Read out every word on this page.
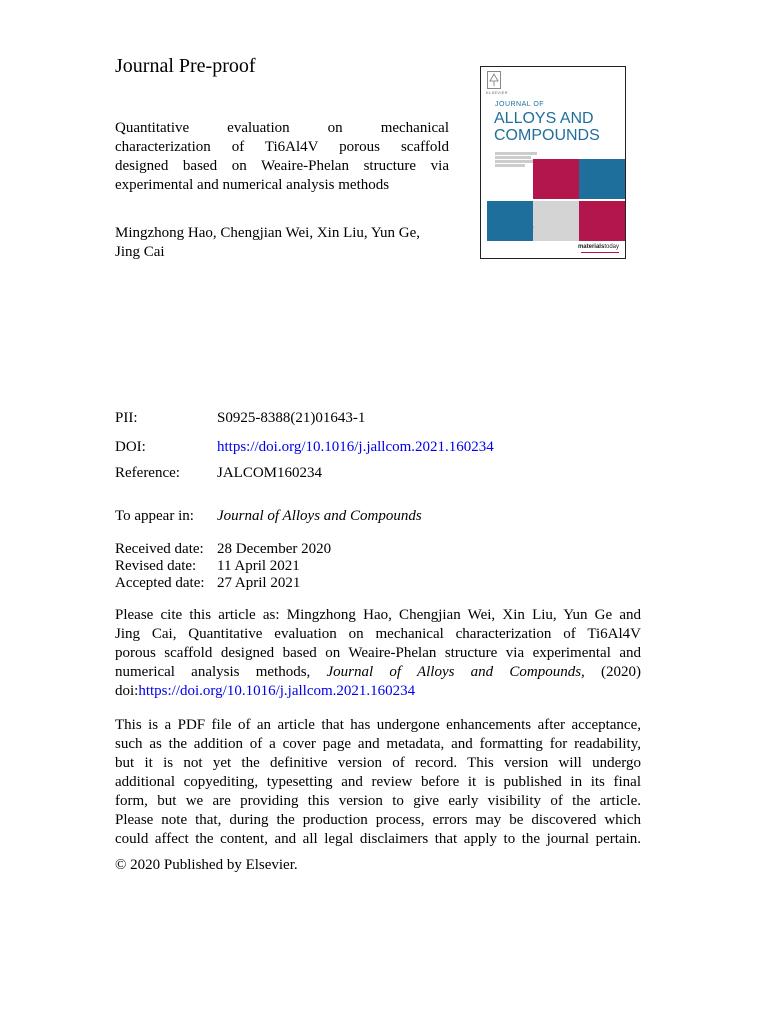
Journal Pre-proof
Quantitative evaluation on mechanical
characterization of Ti6Al4V porous scaffold
designed based on Weaire-Phelan structure via
experimental and numerical analysis methods
Mingzhong Hao, Chengjian Wei, Xin Liu, Yun Ge,
Jing Cai
ELSEVIER
JOURNAL OF
ALLOYS AND
COMPOUNDS
materialstoday
PII:	S0925-8388(21)01643-1
DOI:	https://doi.org/10.1016/j.jallcom.2021.160234
Reference: JALCOM160234
To appear in: Journal of Alloys and Compounds
Received date: 28 December 2020
Revised date: 11 April 2021
Accepted date: 27 April 2021
Please cite this article as: Mingzhong Hao, Chengjian Wei, Xin Liu, Yun Ge and
Jing Cai, Quantitative evaluation on mechanical characterization of Ti6Al4V
porous scaffold designed based on Weaire-Phelan structure via experimental and
numerical analysis methods, Journal of Alloys and Compounds, (2020)
doi:https://doi.org/10.1016/j.jallcom.2021.160234
This is a PDF file of an article that has undergone enhancements after acceptance,
such as the addition of a cover page and metadata, and formatting for readability,
but it is not yet the definitive version of record. This version will undergo
additional copyediting, typesetting and review before it is published in its final
form, but we are providing this version to give early visibility of the article.
Please note that, during the production process, errors may be discovered which
could affect the content, and all legal disclaimers that apply to the journal pertain.
© 2020 Published by Elsevier.
